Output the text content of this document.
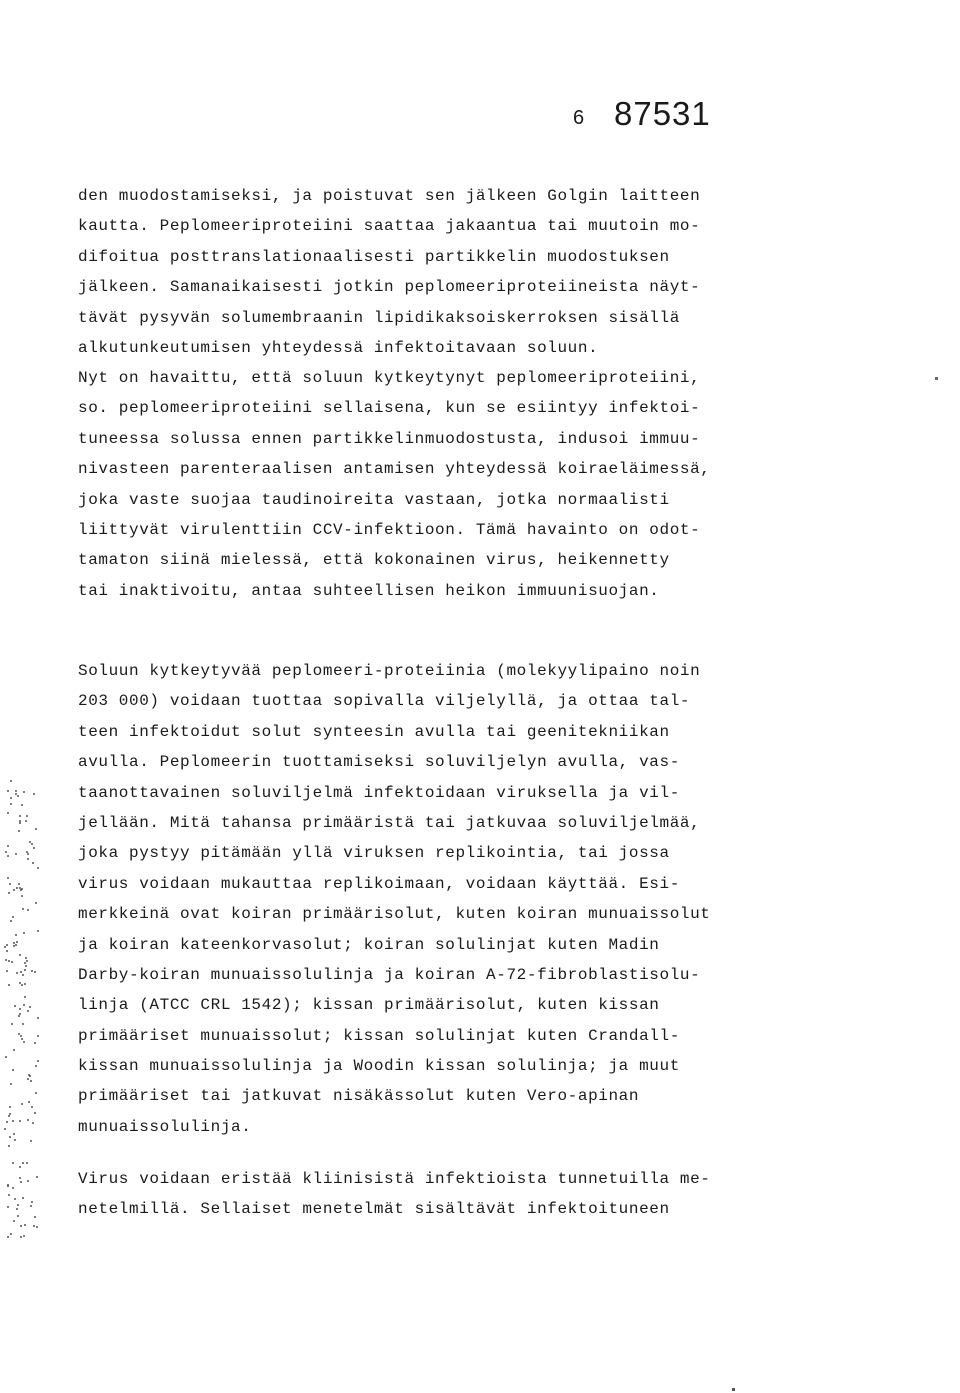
6 87531
den muodostamiseksi, ja poistuvat sen jälkeen Golgin laitteen
kautta. Peplomeeriproteiini saattaa jakaantua tai muutoin mo-
difoitua posttranslationaalisesti partikkelin muodostuksen
jälkeen. Samanaikaisesti jotkin peplomeeriproteiineista näyt-
tävät pysyvän solumembraanin lipidikaksoiskerroksen sisällä
alkutunkeutumisen yhteydessä infektoitavaan soluun.
Nyt on havaittu, että soluun kytkeytynyt peplomeeriproteiini,
so. peplomeeriproteiini sellaisena, kun se esiintyy infektoi-
tuneessa solussa ennen partikkelinmuodostusta, indusoi immuu-
nivasteen parenteraalisen antamisen yhteydessä koiraeläimessä,
joka vaste suojaa taudinoireita vastaan, jotka normaalisti
liittyvät virulenttiin CCV-infektioon. Tämä havainto on odot-
tamaton siinä mielessä, että kokonainen virus, heikennetty
tai inaktivoitu, antaa suhteellisen heikon immuunisuojan.
Soluun kytkeytyvää peplomeeri-proteiinia (molekyylipaino noin
203 000) voidaan tuottaa sopivalla viljelyllä, ja ottaa tal-
teen infektoidut solut synteesin avulla tai geenitekniikan
avulla. Peplomeerin tuottamiseksi soluviljelyn avulla, vas-
taanottavainen soluviljelmä infektoidaan viruksella ja vil-
jellään. Mitä tahansa primääristä tai jatkuvaa soluviljelmää,
joka pystyy pitämään yllä viruksen replikointia, tai jossa
virus voidaan mukauttaa replikoimaan, voidaan käyttää. Esi-
merkkeinä ovat koiran primäärisolut, kuten koiran munuaissolut
ja koiran kateenkorvasolut; koiran solulinjat kuten Madin
Darby-koiran munuaissolulinja ja koiran A-72-fibroblastisolu-
linja (ATCC CRL 1542); kissan primäärisolut, kuten kissan
primääriset munuaissolut; kissan solulinjat kuten Crandall-
kissan munuaissolulinja ja Woodin kissan solulinja; ja muut
primääriset tai jatkuvat nisäkässolut kuten Vero-apinan
munuaissolulinja.
Virus voidaan eristää kliinisistä infektioista tunnetuilla me-
netelmillä. Sellaiset menetelmät sisältävät infektoituneen
